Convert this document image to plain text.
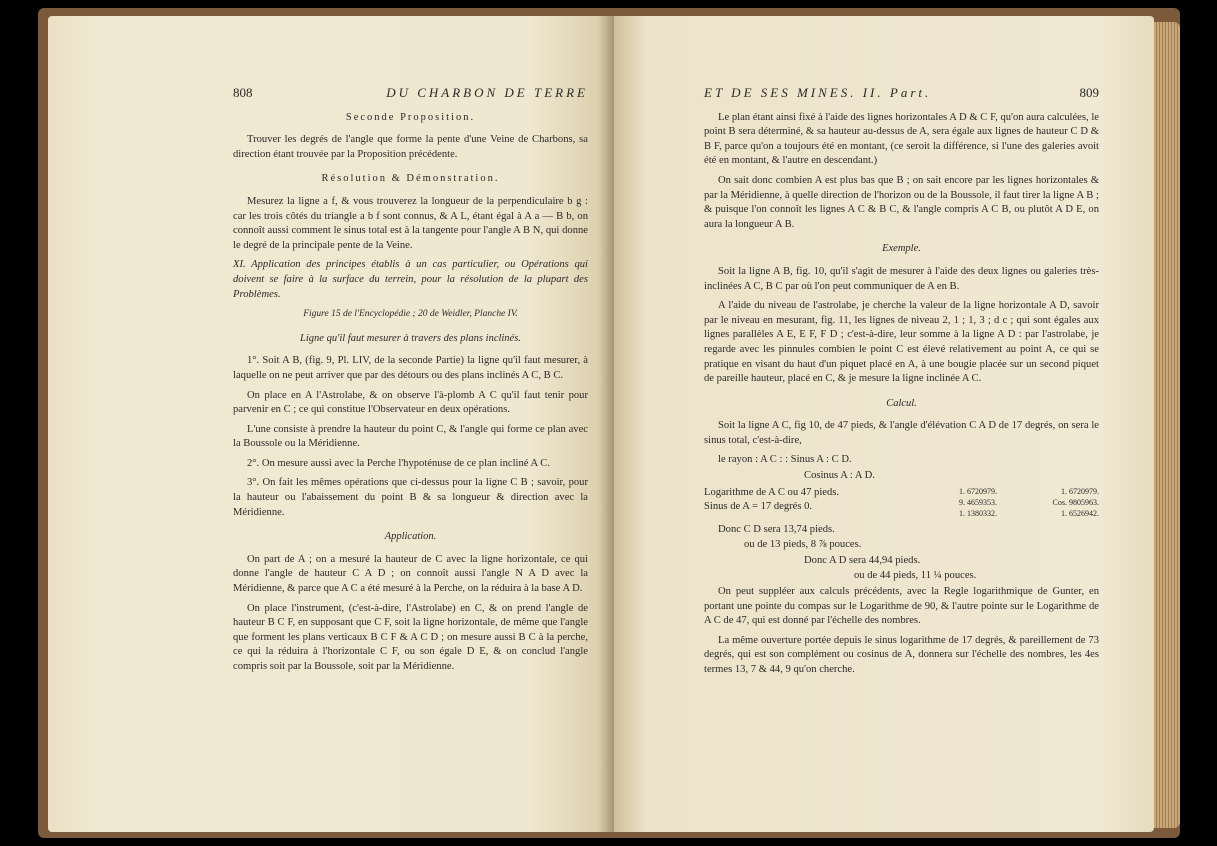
808	DU CHARBON DE TERRE
Seconde Proposition.

Trouver les degrés de l'angle que forme la pente d'une Veine de Charbons, sa direction étant trouvée par la Proposition précédente.

Résolution & Démonstration.

Mesurez la ligne a f, & vous trouverez la longueur de la perpendiculaire b g : car les trois côtés du triangle a b f sont connus, & A L, étant égal à A a — B b, on connoît aussi comment le sinus total est à la tangente pour l'angle A B N, qui donne le degré de la principale pente de la Veine.

XI. Application des principes établis à un cas particulier, ou Opérations qui doivent se faire à la surface du terrein, pour la résolution de la plupart des Problèmes.

Figure 15 de l'Encyclopédie ; 20 de Weidler, Planche IV.
Ligne qu'il faut mesurer à travers des plans inclinés.

1°. Soit A B, (fig. 9, Pl. LIV, de la seconde Partie) la ligne qu'il faut mesurer, à laquelle on ne peut arriver que par des détours ou des plans inclinés A C, B C.

On place en A l'Astrolabe, & on observe l'à-plomb A C qu'il faut tenir pour parvenir en C ; ce qui constitue l'Observateur en deux opérations.

L'une consiste à prendre la hauteur du point C, & l'angle qui forme ce plan avec la Boussole ou la Méridienne.

2°. On mesure aussi avec la Perche l'hypoténuse de ce plan incliné A C.

3°. On fait les mêmes opérations que ci-dessus pour la ligne C B ; savoir, pour la hauteur ou l'abaissement du point B & sa longueur & direction avec la Méridienne.

Application.

On part de A ; on a mesuré la hauteur de C avec la ligne horizontale, ce qui donne l'angle de hauteur C A D ; on connoît aussi l'angle N A D avec la Méridienne, & parce que A C a été mesuré à la Perche, on la réduira à la base A D.

On place l'instrument, (c'est-à-dire, l'Astrolabe) en C, & on prend l'angle de hauteur B C F, en supposant que C F, soit la ligne horizontale, de même que l'angle que forment les plans verticaux B C F & A C D ; on mesure aussi B C à la perche, ce qui la réduira à l'horizontale C F, ou son égale D E, & on conclud l'angle compris soit par la Boussole, soit par la Méridienne.

ET DE SES MINES. II. Part.	809

Le plan étant ainsi fixé à l'aide des lignes horizontales A D & C F, qu'on aura calculées, le point B sera déterminé, & sa hauteur au-dessus de A, sera égale aux lignes de hauteur C D & B F, parce qu'on a toujours été en montant, (ce seroit la différence, si l'une des galeries avoit été en montant, & l'autre en descendant.)

On sait donc combien A est plus bas que B ; on sait encore par les lignes horizontales & par la Méridienne, à quelle direction de l'horizon ou de la Boussole, il faut tirer la ligne A B ; & puisque l'on connoît les lignes A C & B C, & l'angle compris A C B, ou plutôt A D E, on aura la longueur A B.

Exemple.

Soit la ligne A B, fig. 10, qu'il s'agit de mesurer à l'aide des deux lignes ou galeries très-inclinées A C, B C par où l'on peut communiquer de A en B.

A l'aide du niveau de l'astrolabe, je cherche la valeur de la ligne horizontale A D, savoir par le niveau en mesurant, fig. 11, les lignes de niveau 2, 1 ; 1, 3 ; d c ; qui sont égales aux lignes parallèles A E, E F, F D ; c'est-à-dire, leur somme à la ligne A D : par l'astrolabe, je regarde avec les pinnules combien le point C est élevé relativement au point A, ce qui se pratique en visant du haut d'un piquet placé en A, à une bougie placée sur un second piquet de pareille hauteur, placé en C, & je mesure la ligne inclinée A C.

Calcul.

Soit la ligne A C, fig 10, de 47 pieds, & l'angle d'élévation C A D de 17 degrés, on sera le sinus total, c'est-à-dire,

le rayon : A C : : Sinus A : C D.
Cosinus A : A D.
Logarithme de A C ou 47 pieds.
Sinus de A = 17 degrés 0.
1. 6720979.	1. 6720979.
9. 4659353.	Cos. 9805963.
1. 1380332.	1. 6526942.
Donc C D sera 13,74 pieds.
ou de 13 pieds, 8 ⅞ pouces.
Donc A D sera 44,94 pieds.
ou de 44 pieds, 11 ¼ pouces.

On peut suppléer aux calculs précédents, avec la Regle logarithmique de Gunter, en portant une pointe du compas sur le Logarithme de 90, & l'autre pointe sur le Logarithme de A C de 47, qui est donné par l'échelle des nombres.

La même ouverture portée depuis le sinus logarithme de 17 degrés, & pareillement de 73 degrés, qui est son complément ou cosinus de A, donnera sur l'échelle des nombres, les 4es termes 13, 7 & 44, 9 qu'on cherche.
